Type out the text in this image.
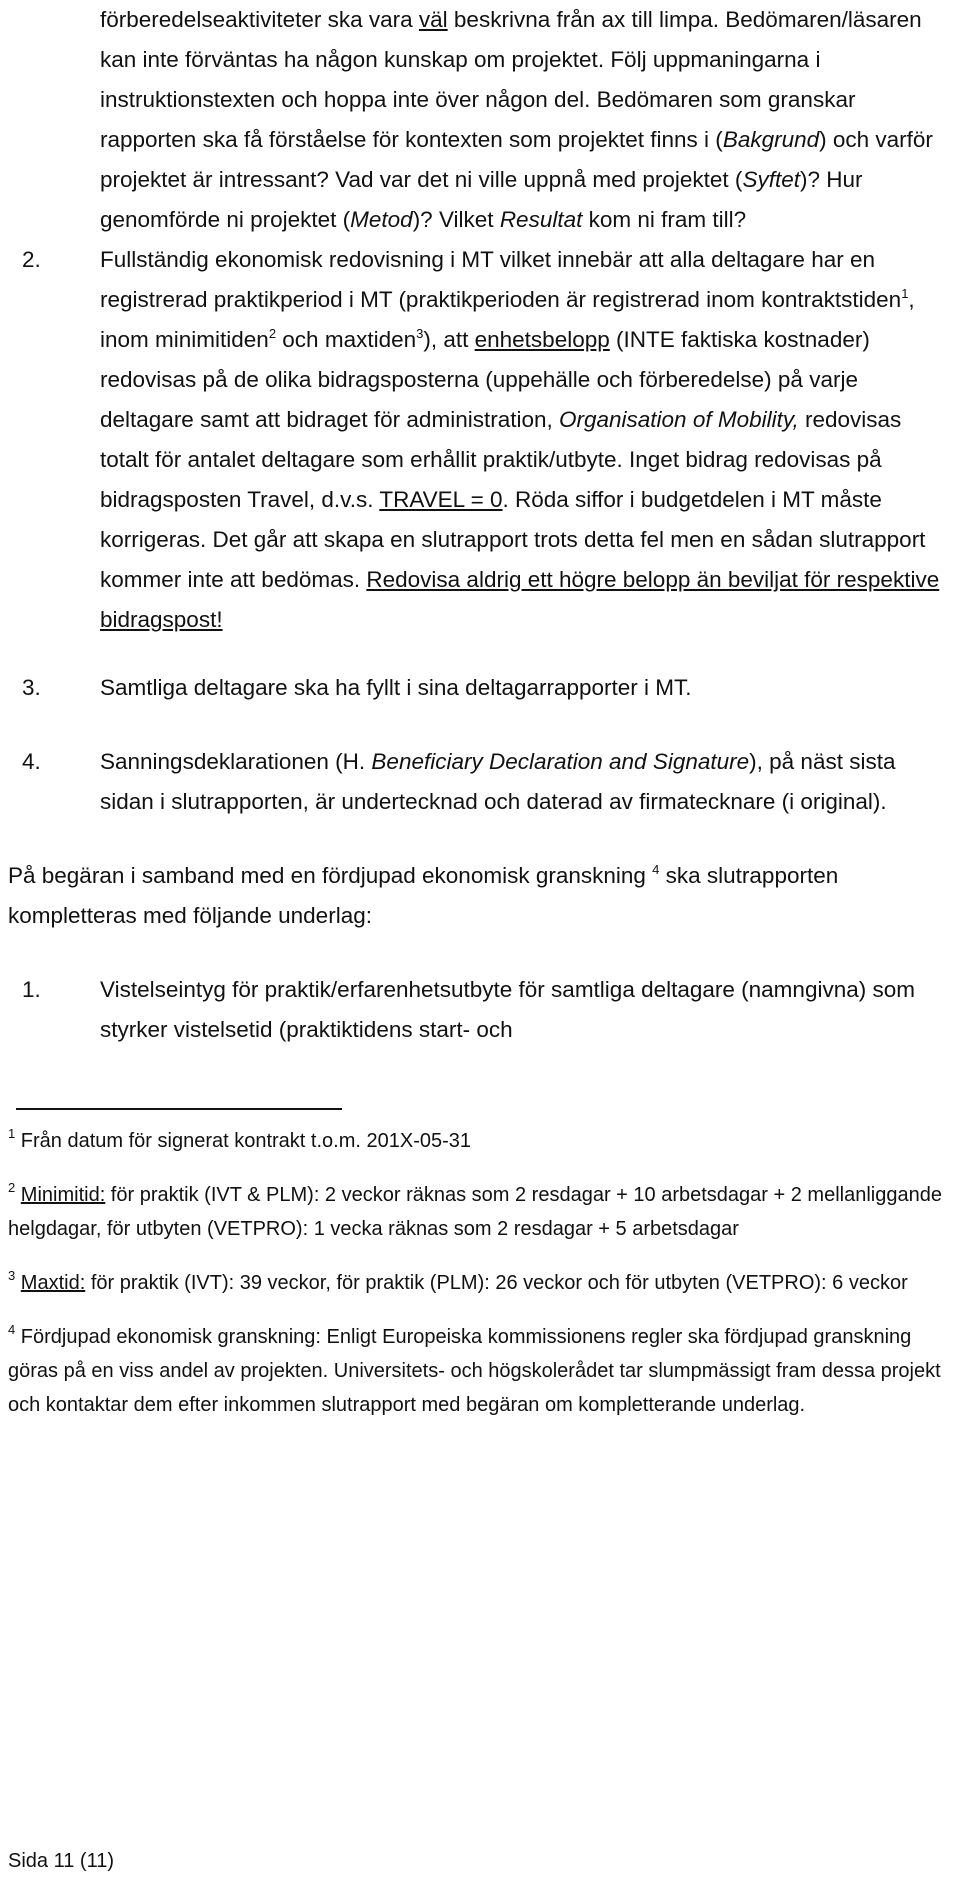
förberedelseaktiviteter ska vara väl beskrivna från ax till limpa. Bedömaren/läsaren kan inte förväntas ha någon kunskap om projektet. Följ uppmaningarna i instruktionstexten och hoppa inte över någon del. Bedömaren som granskar rapporten ska få förståelse för kontexten som projektet finns i (Bakgrund) och varför projektet är intressant? Vad var det ni ville uppnå med projektet (Syftet)? Hur genomförde ni projektet (Metod)? Vilket Resultat kom ni fram till?
2.	Fullständig ekonomisk redovisning i MT vilket innebär att alla deltagare har en registrerad praktikperiod i MT (praktikperioden är registrerad inom kontraktstiden$^1$, inom minimitiden$^2$ och maxtiden$^3$), att enhetsbelopp (INTE faktiska kostnader) redovisas på de olika bidragsposterna (uppehälle och förberedelse) på varje deltagare samt att bidraget för administration, Organisation of Mobility, redovisas totalt för antalet deltagare som erhållit praktik/utbyte. Inget bidrag redovisas på bidragsposten Travel, d.v.s. TRAVEL = 0. Röda siffor i budgetdelen i MT måste korrigeras. Det går att skapa en slutrapport trots detta fel men en sådan slutrapport kommer inte att bedömas. Redovisa aldrig ett högre belopp än beviljat för respektive bidragspost!
3.	Samtliga deltagare ska ha fyllt i sina deltagarrapporter i MT.
4.	Sanningsdeklarationen (H. Beneficiary Declaration and Signature), på näst sista sidan i slutrapporten, är undertecknad och daterad av firmatecknare (i original).
På begäran i samband med en fördjupad ekonomisk granskning $^4$ ska slutrapporten kompletteras med följande underlag:
1.	Vistelseintyg för praktik/erfarenhetsutbyte för samtliga deltagare (namngivna) som styrker vistelsetid (praktiktidens start- och
$^1$ Från datum för signerat kontrakt t.o.m. 201X-05-31
$^2$ Minimitid: för praktik (IVT & PLM): 2 veckor räknas som 2 resdagar + 10 arbetsdagar + 2 mellanliggande helgdagar, för utbyten (VETPRO): 1 vecka räknas som 2 resdagar + 5 arbetsdagar
$^3$ Maxtid: för praktik (IVT): 39 veckor, för praktik (PLM): 26 veckor och för utbyten (VETPRO): 6 veckor
$^4$ Fördjupad ekonomisk granskning: Enligt Europeiska kommissionens regler ska fördjupad granskning göras på en viss andel av projekten. Universitets- och högskolerådet tar slumpmässigt fram dessa projekt och kontaktar dem efter inkommen slutrapport med begäran om kompletterande underlag.
Sida 11 (11)
